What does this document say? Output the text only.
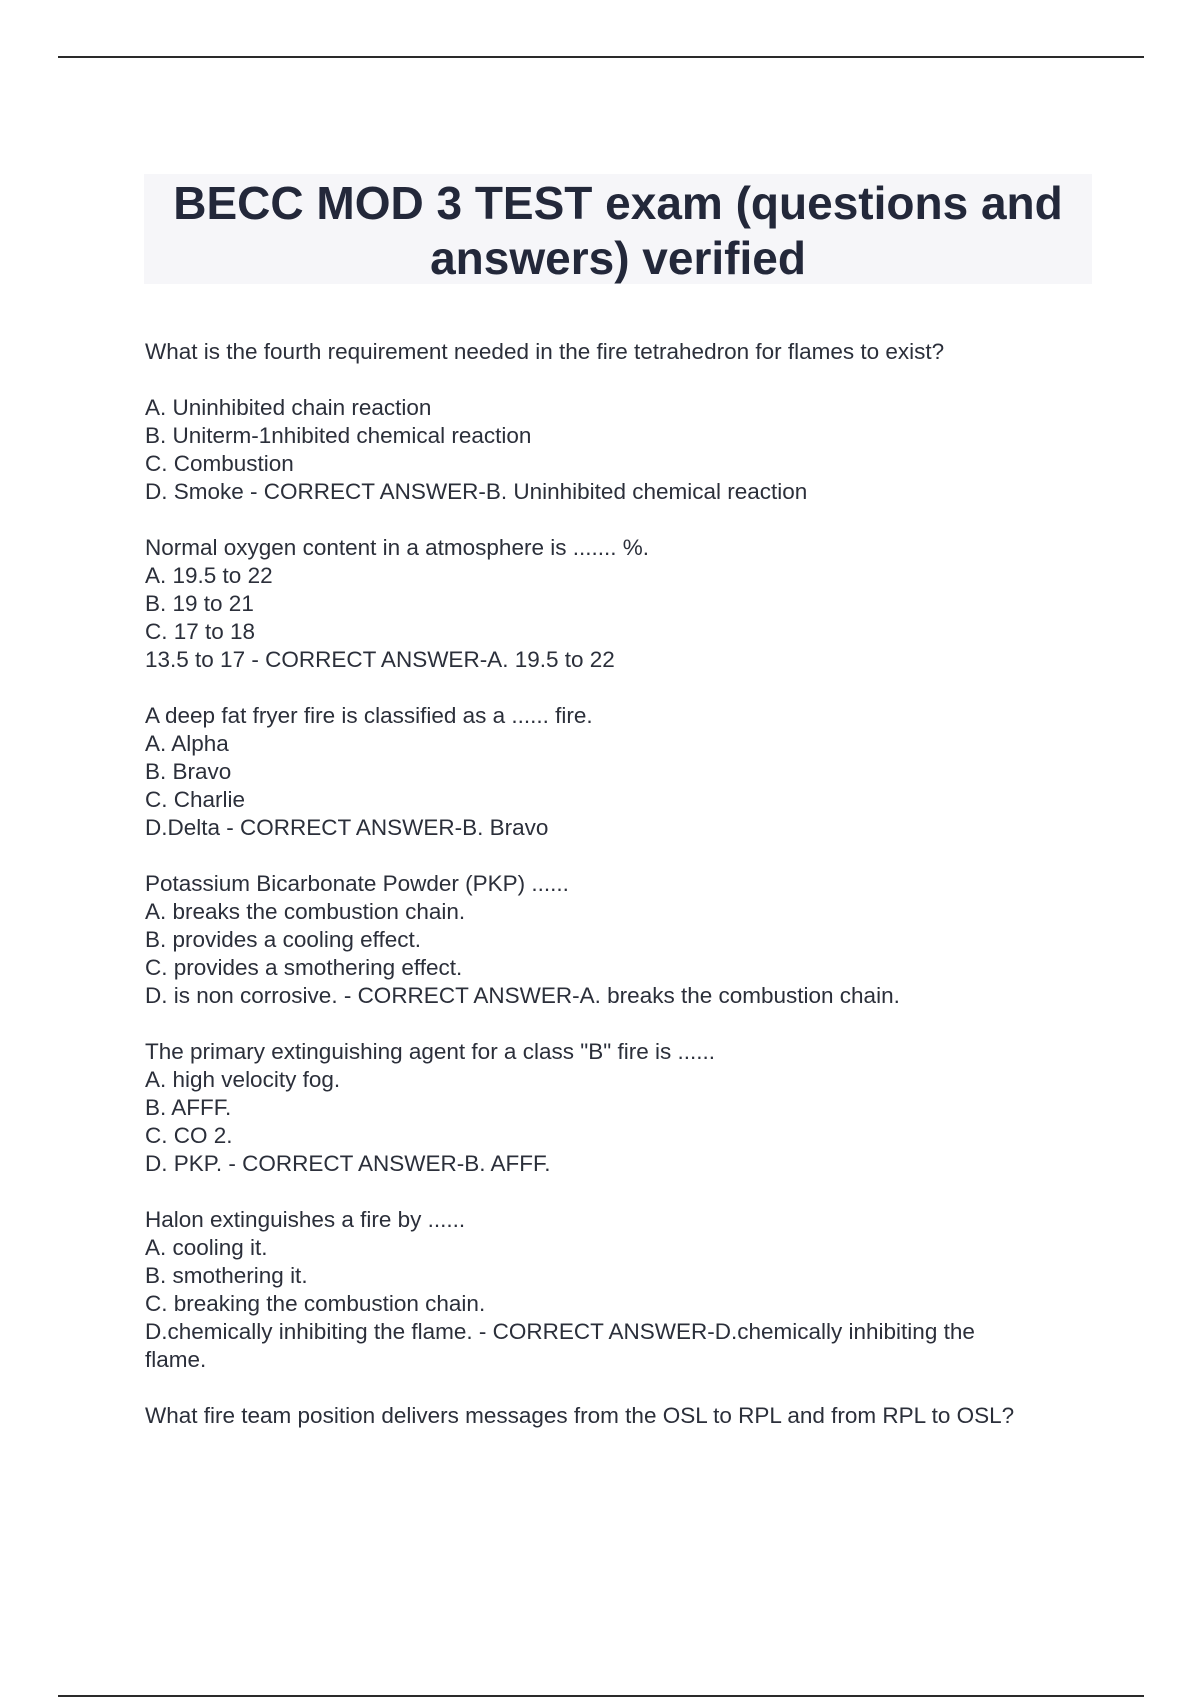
BECC MOD 3 TEST exam (questions and answers) verified
What is the fourth requirement needed in the fire tetrahedron for flames to exist?
A. Uninhibited chain reaction
B. Uniterm-1nhibited chemical reaction
C. Combustion
D. Smoke - CORRECT ANSWER-B. Uninhibited chemical reaction
Normal oxygen content in a atmosphere is ....... %.
A. 19.5 to 22
B. 19 to 21
C. 17 to 18
13.5 to 17 - CORRECT ANSWER-A. 19.5 to 22
A deep fat fryer fire is classified as a ...... fire.
A. Alpha
B. Bravo
C. Charlie
D.Delta - CORRECT ANSWER-B. Bravo
Potassium Bicarbonate Powder (PKP) ......
A. breaks the combustion chain.
B. provides a cooling effect.
C. provides a smothering effect.
D. is non corrosive. - CORRECT ANSWER-A. breaks the combustion chain.
The primary extinguishing agent for a class "B" fire is ......
A. high velocity fog.
B. AFFF.
C. CO 2.
D. PKP. - CORRECT ANSWER-B. AFFF.
Halon extinguishes a fire by ......
A. cooling it.
B. smothering it.
C. breaking the combustion chain.
D.chemically inhibiting the flame. - CORRECT ANSWER-D.chemically inhibiting the
flame.
What fire team position delivers messages from the OSL to RPL and from RPL to OSL?
